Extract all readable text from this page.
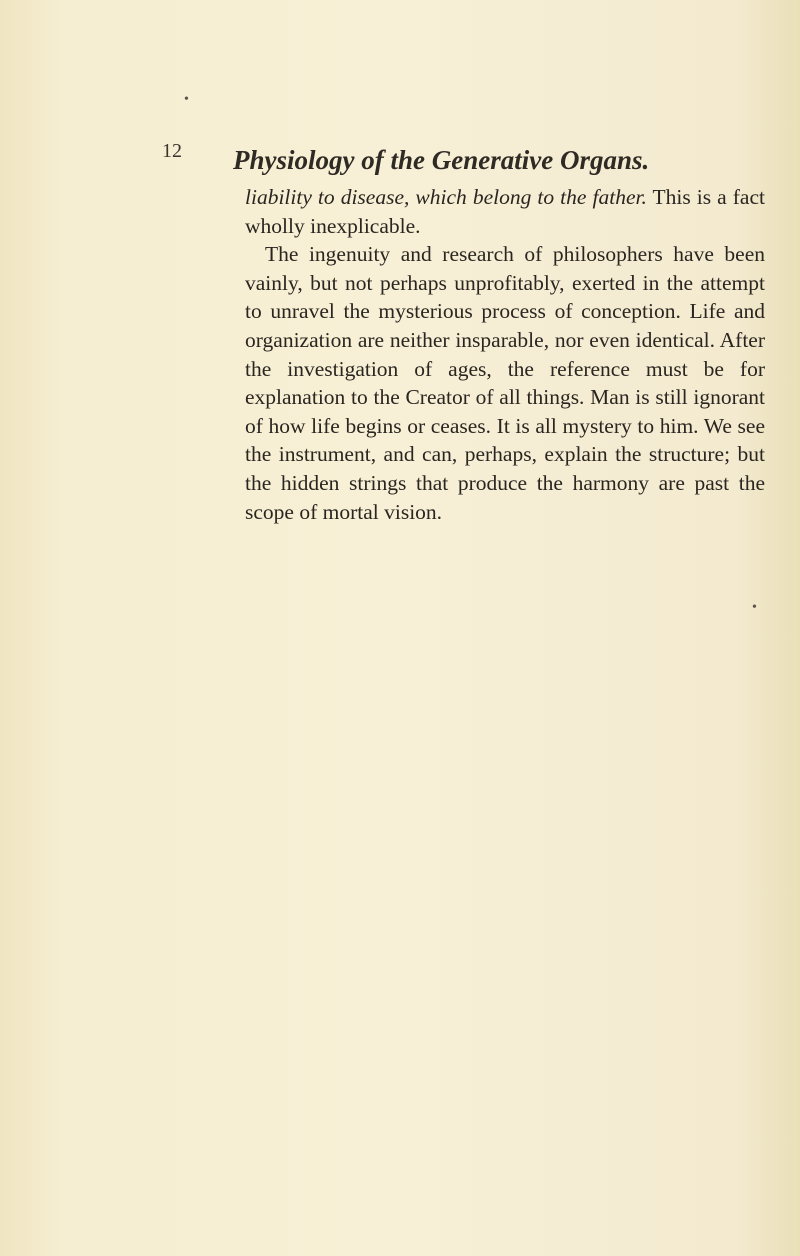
12 Physiology of the Generative Organs.

liability to disease, which belong to the father. This is a fact wholly inexplicable.

The ingenuity and research of philosophers have been vainly, but not perhaps unprofitably, exerted in the attempt to unravel the mysterious process of conception. Life and organization are neither insparable, nor even identical. After the investigation of ages, the reference must be for explanation to the Creator of all things. Man is still ignorant of how life begins or ceases. It is all mystery to him. We see the instrument, and can, perhaps, explain the structure; but the hidden strings that produce the harmony are past the scope of mortal vision.

•
•
